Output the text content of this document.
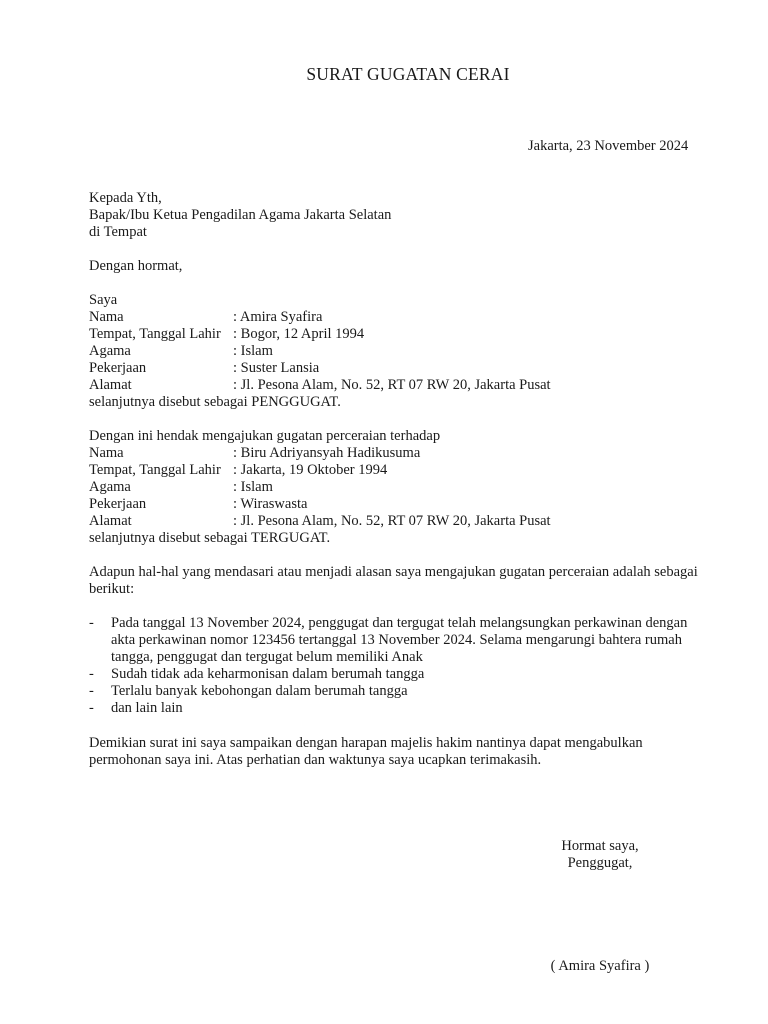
SURAT GUGATAN CERAI
Jakarta, 23 November 2024
Kepada Yth,
Bapak/Ibu Ketua Pengadilan Agama Jakarta Selatan
di Tempat
Dengan hormat,
Saya
Nama	: Amira Syafira
Tempat, Tanggal Lahir : Bogor, 12 April 1994
Agama	: Islam
Pekerjaan	: Suster Lansia
Alamat	: Jl. Pesona Alam, No. 52, RT 07 RW 20, Jakarta Pusat
selanjutnya disebut sebagai PENGGUGAT.
Dengan ini hendak mengajukan gugatan perceraian terhadap
Nama	: Biru Adriyansyah Hadikusuma
Tempat, Tanggal Lahir : Jakarta, 19 Oktober 1994
Agama	: Islam
Pekerjaan	: Wiraswasta
Alamat	: Jl. Pesona Alam, No. 52, RT 07 RW 20, Jakarta Pusat
selanjutnya disebut sebagai TERGUGAT.
Adapun hal-hal yang mendasari atau menjadi alasan saya mengajukan gugatan perceraian adalah sebagai berikut:
- Pada tanggal 13 November 2024, penggugat dan tergugat telah melangsungkan perkawinan dengan akta perkawinan nomor 123456 tertanggal 13 November 2024. Selama mengarungi bahtera rumah tangga, penggugat dan tergugat belum memiliki Anak
- Sudah tidak ada keharmonisan dalam berumah tangga
- Terlalu banyak kebohongan dalam berumah tangga
- dan lain lain
Demikian surat ini saya sampaikan dengan harapan majelis hakim nantinya dapat mengabulkan permohonan saya ini. Atas perhatian dan waktunya saya ucapkan terimakasih.
Hormat saya,
Penggugat,
( Amira Syafira )
